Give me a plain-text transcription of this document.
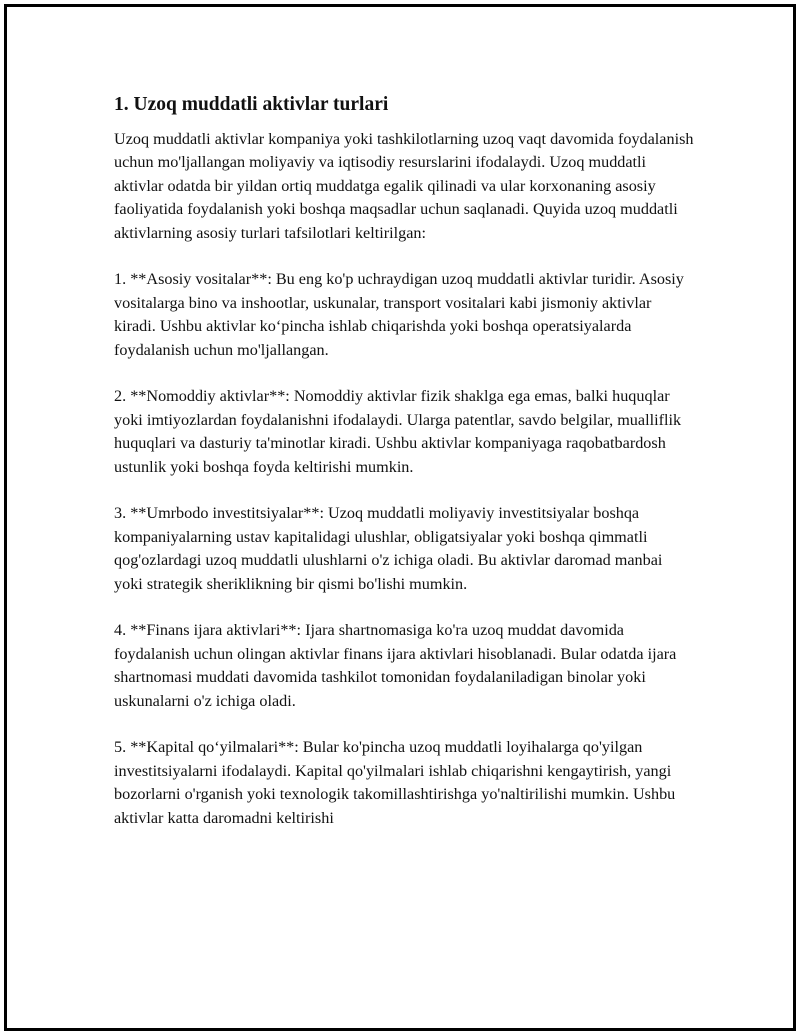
1. Uzoq muddatli aktivlar turlari

Uzoq muddatli aktivlar kompaniya yoki tashkilotlarning uzoq vaqt davomida foydalanish uchun mo'ljallangan moliyaviy va iqtisodiy resurslarini ifodalaydi. Uzoq muddatli aktivlar odatda bir yildan ortiq muddatga egalik qilinadi va ular korxonaning asosiy faoliyatida foydalanish yoki boshqa maqsadlar uchun saqlanadi. Quyida uzoq muddatli aktivlarning asosiy turlari tafsilotlari keltirilgan:

1. **Asosiy vositalar**: Bu eng ko'p uchraydigan uzoq muddatli aktivlar turidir. Asosiy vositalarga bino va inshootlar, uskunalar, transport vositalari kabi jismoniy aktivlar kiradi. Ushbu aktivlar ko‘pincha ishlab chiqarishda yoki boshqa operatsiyalarda foydalanish uchun mo'ljallangan.

2. **Nomoddiy aktivlar**: Nomoddiy aktivlar fizik shaklga ega emas, balki huquqlar yoki imtiyozlardan foydalanishni ifodalaydi. Ularga patentlar, savdo belgilar, mualliflik huquqlari va dasturiy ta'minotlar kiradi. Ushbu aktivlar kompaniyaga raqobatbardosh ustunlik yoki boshqa foyda keltirishi mumkin.

3. **Umrbodo investitsiyalar**: Uzoq muddatli moliyaviy investitsiyalar boshqa kompaniyalarning ustav kapitalidagi ulushlar, obligatsiyalar yoki boshqa qimmatli qog'ozlardagi uzoq muddatli ulushlarni o'z ichiga oladi. Bu aktivlar daromad manbai yoki strategik sheriklikning bir qismi bo'lishi mumkin.

4. **Finans ijara aktivlari**: Ijara shartnomasiga ko'ra uzoq muddat davomida foydalanish uchun olingan aktivlar finans ijara aktivlari hisoblanadi. Bular odatda ijara shartnomasi muddati davomida tashkilot tomonidan foydalaniladigan binolar yoki uskunalarni o'z ichiga oladi.

5. **Kapital qo‘yilmalari**: Bular ko'pincha uzoq muddatli loyihalarga qo'yilgan investitsiyalarni ifodalaydi. Kapital qo'yilmalari ishlab chiqarishni kengaytirish, yangi bozorlarni o'rganish yoki texnologik takomillashtirishga yo'naltirilishi mumkin. Ushbu aktivlar katta daromadni keltirishi
